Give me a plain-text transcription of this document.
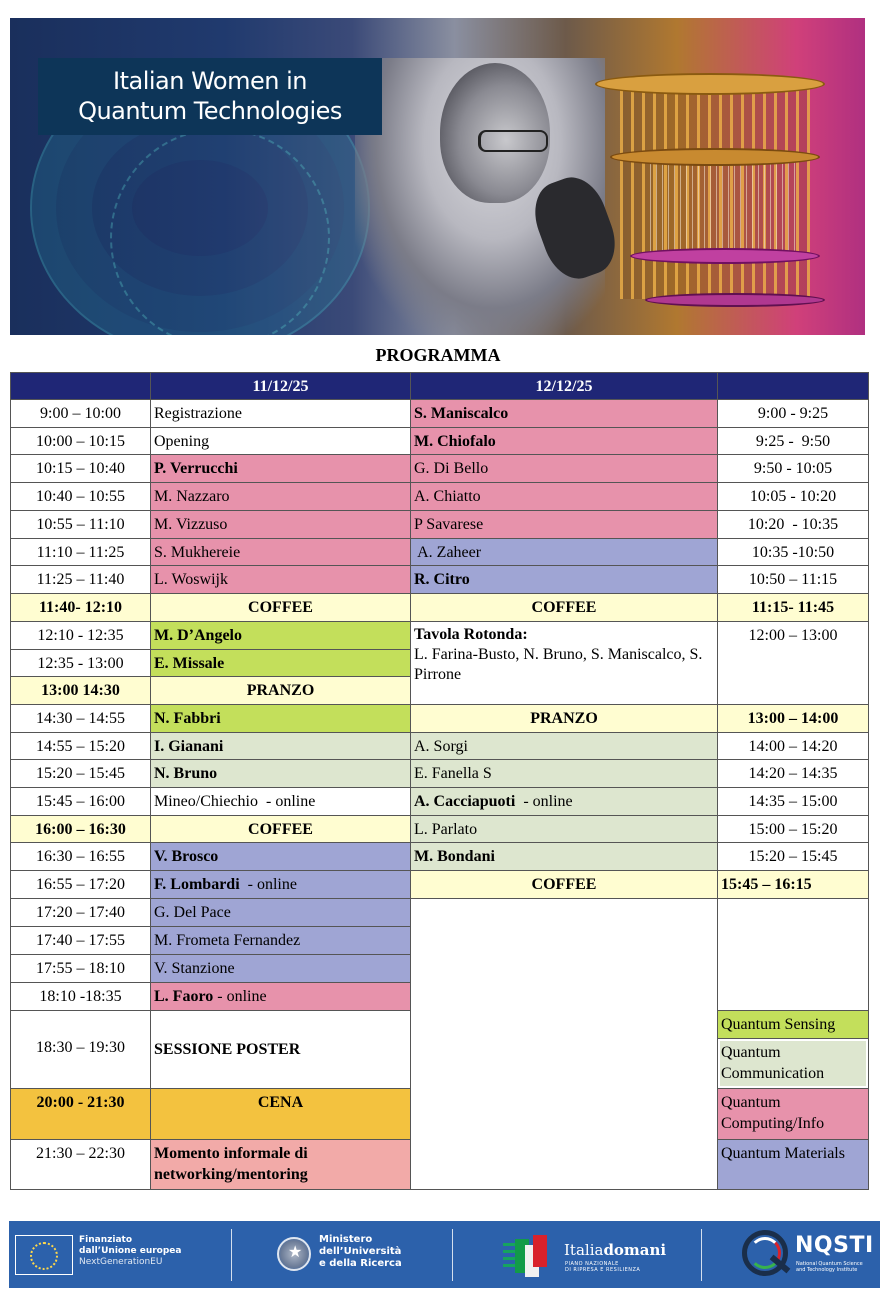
Italian Women in
Quantum Technologies
PROGRAMMA
11/12/25	12/12/25
9:00 – 10:00
10:00 – 10:15
10:15 – 10:40
10:40 – 10:55
10:55 – 11:10
11:10 – 11:25
11:25 – 11:40
11:40- 12:10
12:10 - 12:35
12:35 - 13:00
13:00 14:30
14:30 – 14:55
14:55 – 15:20
15:20 – 15:45
15:45 – 16:00
16:00 – 16:30
16:30 – 16:55
16:55 – 17:20
17:20 – 17:40
17:40 – 17:55
17:55 – 18:10
18:10 -18:35
18:30 – 19:30
20:00 - 21:30
21:30 – 22:30
Registrazione
Opening
P. Verrucchi
M. Nazzaro
M. Vizzuso
S. Mukhereie
L. Woswijk
COFFEE
M. D’Angelo
E. Missale
PRANZO
N. Fabbri
I. Gianani
N. Bruno
Mineo/Chiechio  - online
COFFEE
V. Brosco
F. Lombardi  - online
G. Del Pace
M. Frometa Fernandez
V. Stanzione
L. Faoro - online
SESSIONE POSTER
CENA
Momento informale di networking/mentoring
S. Maniscalco
M. Chiofalo
G. Di Bello
A. Chiatto
P Savarese
A. Zaheer
R. Citro
COFFEE
Tavola Rotonda:
L. Farina-Busto, N. Bruno, S. Maniscalco, S. Pirrone
PRANZO
A. Sorgi
E. Fanella S
A. Cacciapuoti  - online
L. Parlato
M. Bondani
COFFEE
9:00 - 9:25
9:25 -  9:50
9:50 - 10:05
10:05 - 10:20
10:20  - 10:35
10:35 -10:50
10:50 – 11:15
11:15- 11:45
12:00 – 13:00
13:00 – 14:00
14:00 – 14:20
14:20 – 14:35
14:35 – 15:00
15:00 – 15:20
15:20 – 15:45
15:45 – 16:15
Quantum Sensing
Quantum Communication
Quantum Computing/Info
Quantum Materials
Finanziato
dall’Unione europea
NextGenerationEU
★
Ministero
dell’Università
e della Ricerca
Italiadomani
PIANO NAZIONALE
DI RIPRESA E RESILIENZA
NQSTI
National Quantum Science
and Technology Institute
